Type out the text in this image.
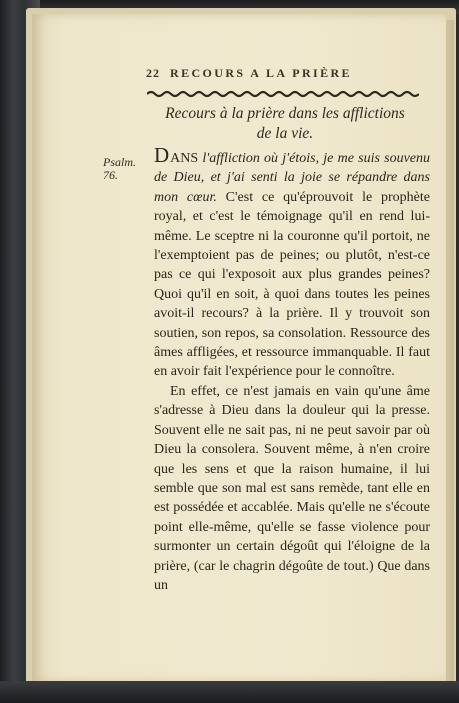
22 RECOURS A LA PRIÈRE
Recours à la prière dans les afflictions
de la vie.
Psalm.
76.

DANS l'affliction où j'étois, je me suis souvenu de Dieu, et j'ai senti la joie se répandre dans mon cœur. C'est ce qu'éprouvoit le prophète royal, et c'est le témoignage qu'il en rend lui-même. Le sceptre ni la couronne qu'il portoit, ne l'exemptoient pas de peines; ou plutôt, n'est-ce pas ce qui l'exposoit aux plus grandes peines? Quoi qu'il en soit, à quoi dans toutes les peines avoit-il recours? à la prière. Il y trouvoit son soutien, son repos, sa consolation. Ressource des âmes affligées, et ressource immanquable. Il faut en avoir fait l'expérience pour le connoître.

En effet, ce n'est jamais en vain qu'une âme s'adresse à Dieu dans la douleur qui la presse. Souvent elle ne sait pas, ni ne peut savoir par où Dieu la consolera. Souvent même, à n'en croire que les sens et que la raison humaine, il lui semble que son mal est sans remède, tant elle en est possédée et accablée. Mais qu'elle ne s'écoute point elle-même, qu'elle se fasse violence pour surmonter un certain dégoût qui l'éloigne de la prière, (car le chagrin dégoûte de tout.) Que dans un
